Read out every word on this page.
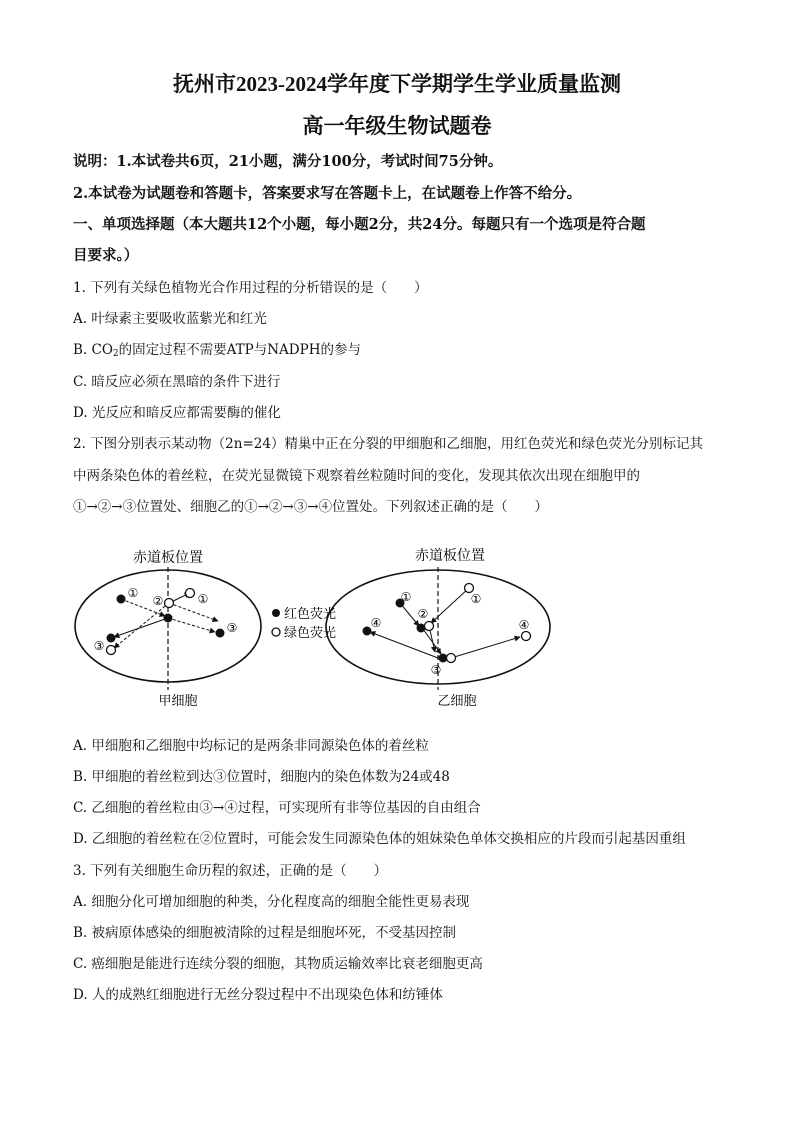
抚州市2023-2024学年度下学期学生学业质量监测
高一年级生物试题卷
说明：1.本试卷共6页，21小题，满分100分，考试时间75分钟。
2.本试卷为试题卷和答题卡，答案要求写在答题卡上，在试题卷上作答不给分。
一、单项选择题（本大题共12个小题，每小题2分，共24分。每题只有一个选项是符合题
目要求。）
1. 下列有关绿色植物光合作用过程的分析错误的是（　　）
A. 叶绿素主要吸收蓝紫光和红光
B. $CO_2$的固定过程不需要ATP与NADPH的参与
C. 暗反应必须在黑暗的条件下进行
D. 光反应和暗反应都需要酶的催化
2. 下图分别表示某动物（2n=24）精巢中正在分裂的甲细胞和乙细胞，用红色荧光和绿色荧光分别标记其
中两条染色体的着丝粒，在荧光显微镜下观察着丝粒随时间的变化，发现其依次出现在细胞甲的
①→②→③位置处、细胞乙的①→②→③→④位置处。下列叙述正确的是（　　）
赤道板位置
①
②	①
③
③
甲细胞
红色荧光
绿色荧光
赤道板位置
①
②
①
④	④
③
乙细胞
A. 甲细胞和乙细胞中均标记的是两条非同源染色体的着丝粒
B. 甲细胞的着丝粒到达③位置时，细胞内的染色体数为24或48
C. 乙细胞的着丝粒由③→④过程，可实现所有非等位基因的自由组合
D. 乙细胞的着丝粒在②位置时，可能会发生同源染色体的姐妹染色单体交换相应的片段而引起基因重组
3. 下列有关细胞生命历程的叙述，正确的是（　　）
A. 细胞分化可增加细胞的种类，分化程度高的细胞全能性更易表现
B. 被病原体感染的细胞被清除的过程是细胞坏死，不受基因控制
C. 癌细胞是能进行连续分裂的细胞，其物质运输效率比衰老细胞更高
D. 人的成熟红细胞进行无丝分裂过程中不出现染色体和纺锤体
